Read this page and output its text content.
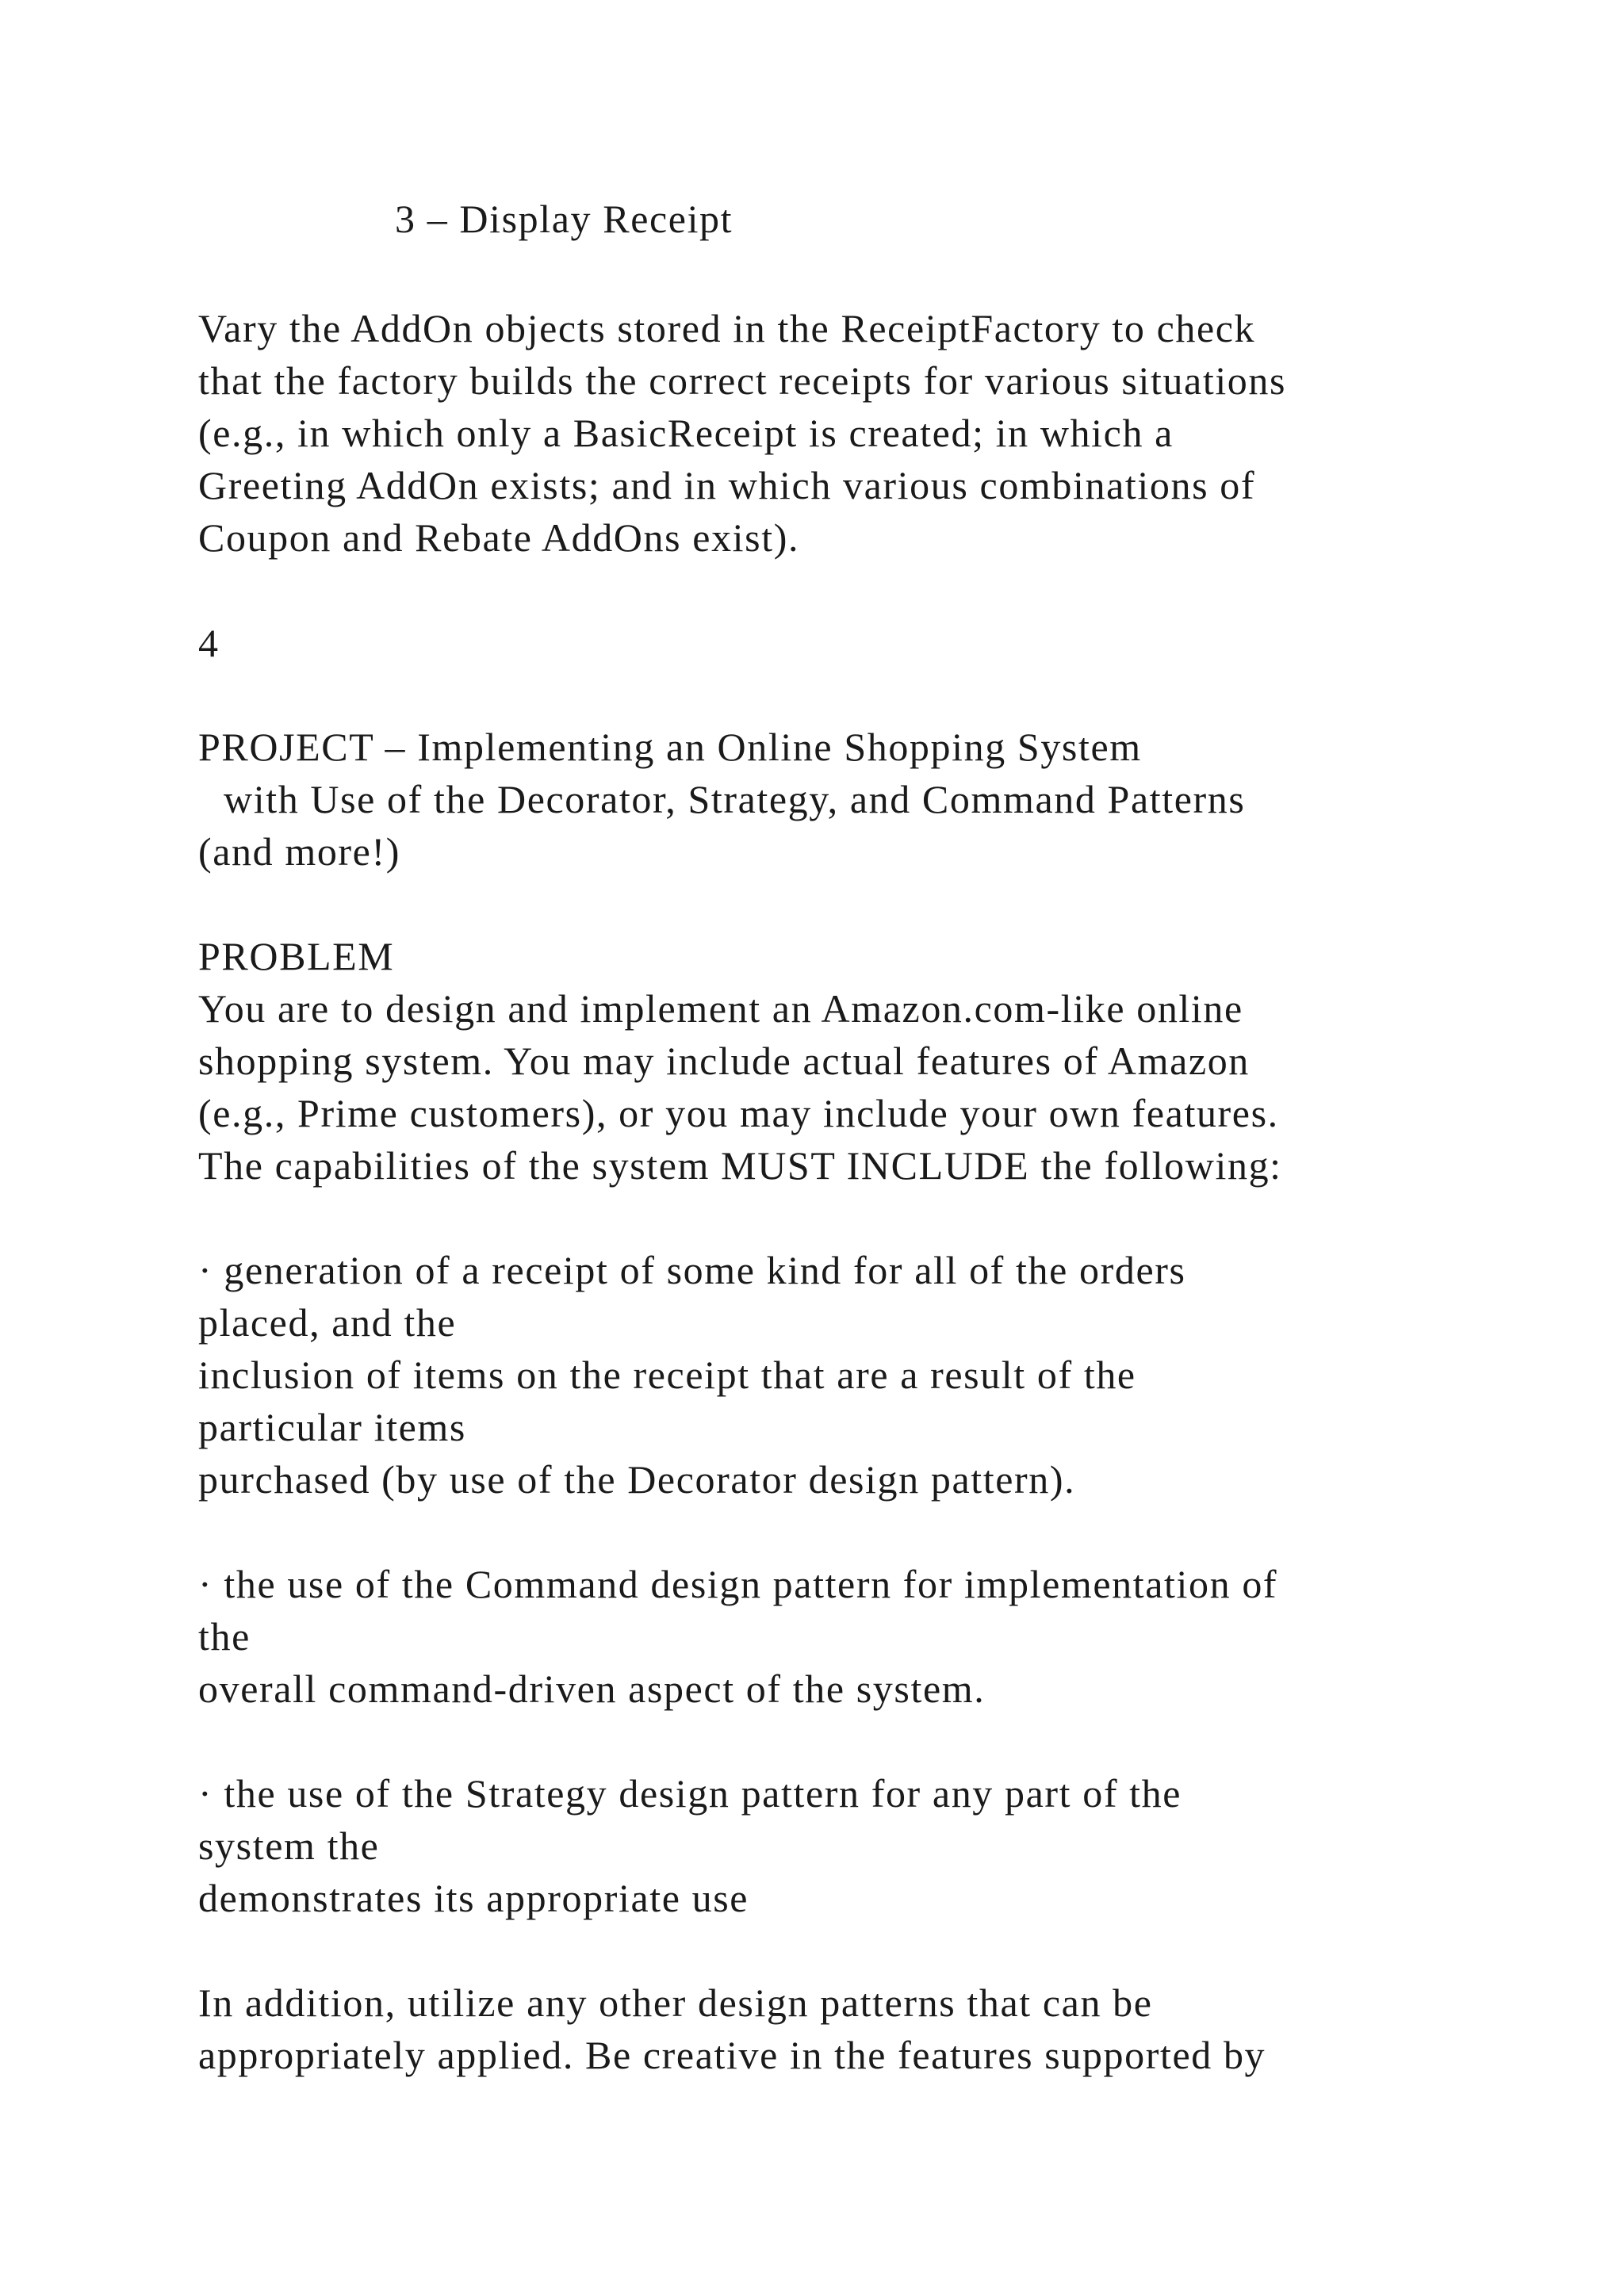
3 – Display Receipt

Vary the AddOn objects stored in the ReceiptFactory to check

that the factory builds the correct receipts for various situations

(e.g., in which only a BasicReceipt is created; in which a

Greeting AddOn exists; and in which various combinations of

Coupon and Rebate AddOns exist).

4

PROJECT – Implementing an Online Shopping System

with Use of the Decorator, Strategy, and Command Patterns

(and more!)

PROBLEM

You are to design and implement an Amazon.com-like online

shopping system. You may include actual features of Amazon

(e.g., Prime customers), or you may include your own features.

The capabilities of the system MUST INCLUDE the following:

· generation of a receipt of some kind for all of the orders

placed, and the

inclusion of items on the receipt that are a result of the

particular items

purchased (by use of the Decorator design pattern).

· the use of the Command design pattern for implementation of

the

overall command-driven aspect of the system.

· the use of the Strategy design pattern for any part of the

system the

demonstrates its appropriate use

In addition, utilize any other design patterns that can be

appropriately applied. Be creative in the features supported by
